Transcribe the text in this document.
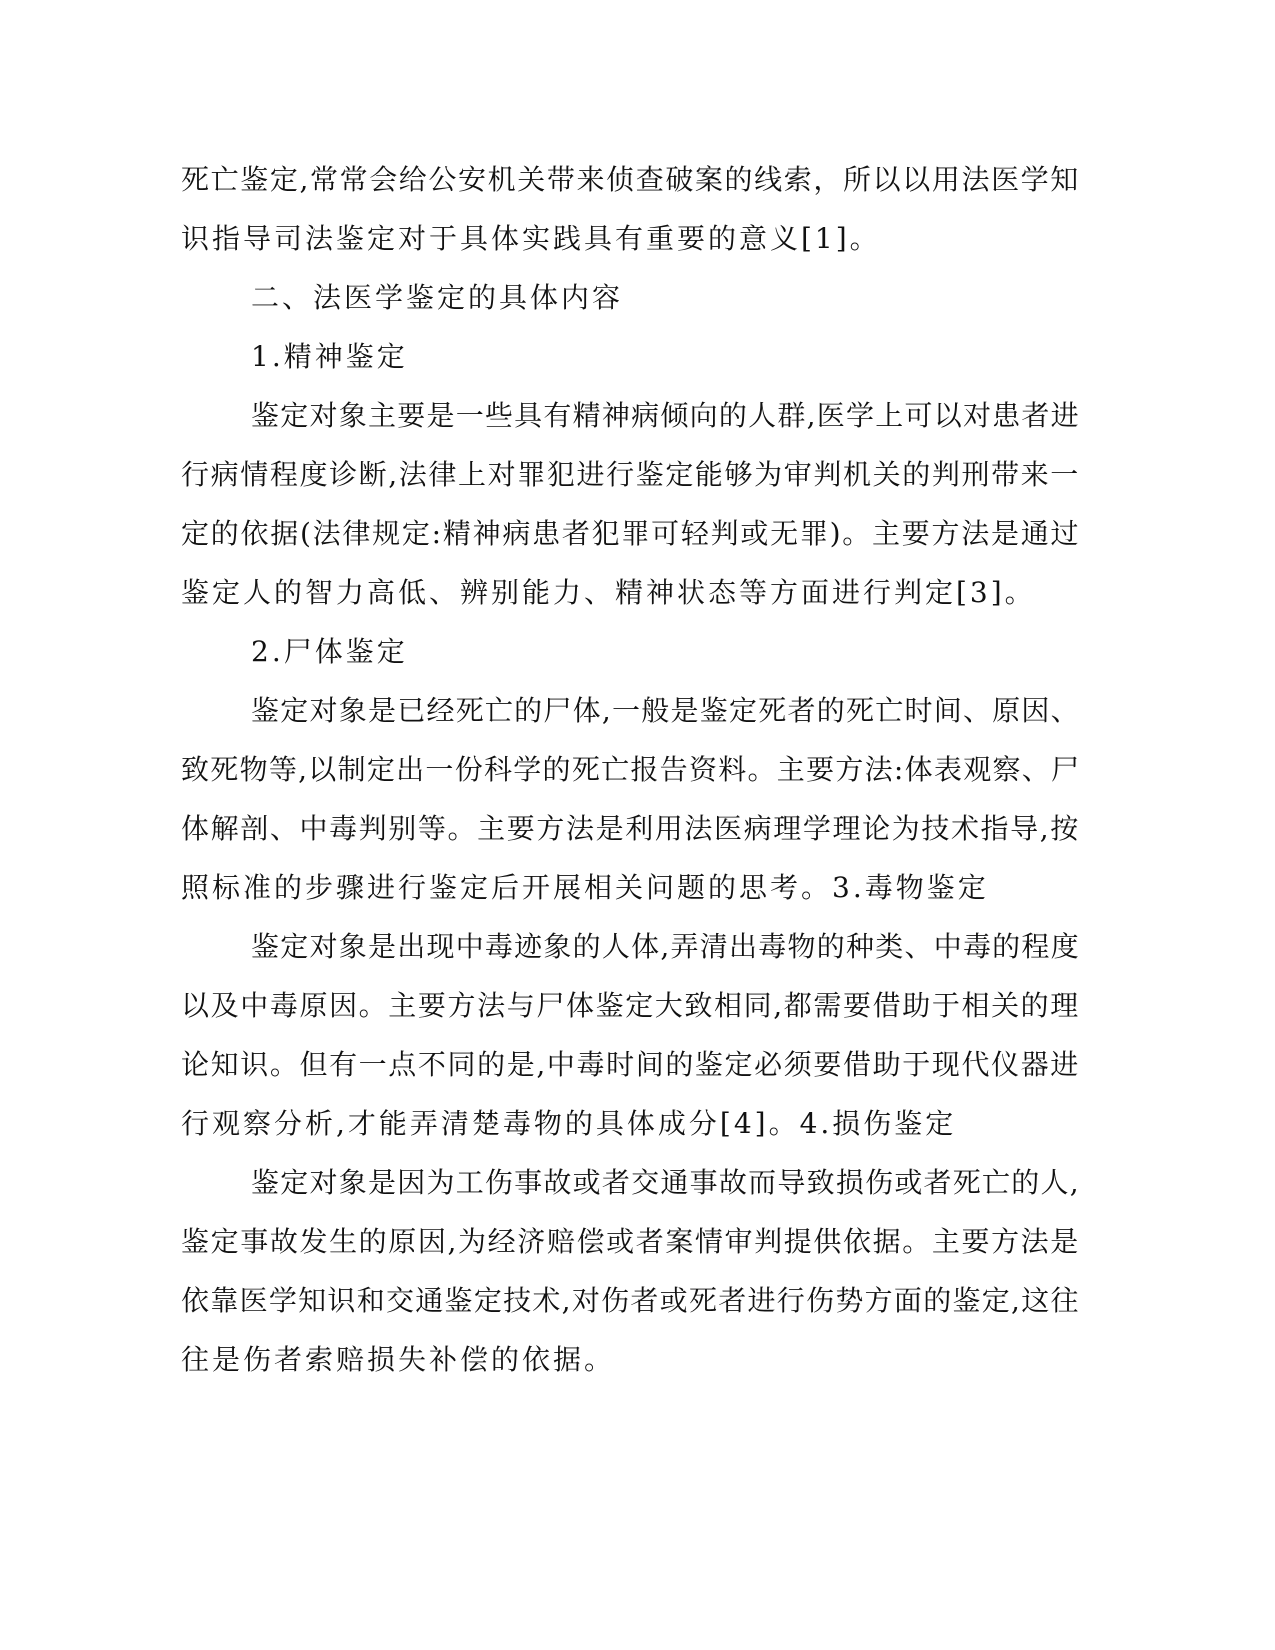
死亡鉴定,常常会给公安机关带来侦查破案的线索，所以以用法医学知
识指导司法鉴定对于具体实践具有重要的意义[1]。
二、法医学鉴定的具体内容
1.精神鉴定
鉴定对象主要是一些具有精神病倾向的人群,医学上可以对患者进
行病情程度诊断,法律上对罪犯进行鉴定能够为审判机关的判刑带来一
定的依据(法律规定:精神病患者犯罪可轻判或无罪)。主要方法是通过
鉴定人的智力高低、辨别能力、精神状态等方面进行判定[3]。
2.尸体鉴定
鉴定对象是已经死亡的尸体,一般是鉴定死者的死亡时间、原因、
致死物等,以制定出一份科学的死亡报告资料。主要方法:体表观察、尸
体解剖、中毒判别等。主要方法是利用法医病理学理论为技术指导,按
照标准的步骤进行鉴定后开展相关问题的思考。3.毒物鉴定
鉴定对象是出现中毒迹象的人体,弄清出毒物的种类、中毒的程度
以及中毒原因。主要方法与尸体鉴定大致相同,都需要借助于相关的理
论知识。但有一点不同的是,中毒时间的鉴定必须要借助于现代仪器进
行观察分析,才能弄清楚毒物的具体成分[4]。4.损伤鉴定
鉴定对象是因为工伤事故或者交通事故而导致损伤或者死亡的人,
鉴定事故发生的原因,为经济赔偿或者案情审判提供依据。主要方法是
依靠医学知识和交通鉴定技术,对伤者或死者进行伤势方面的鉴定,这往
往是伤者索赔损失补偿的依据。
